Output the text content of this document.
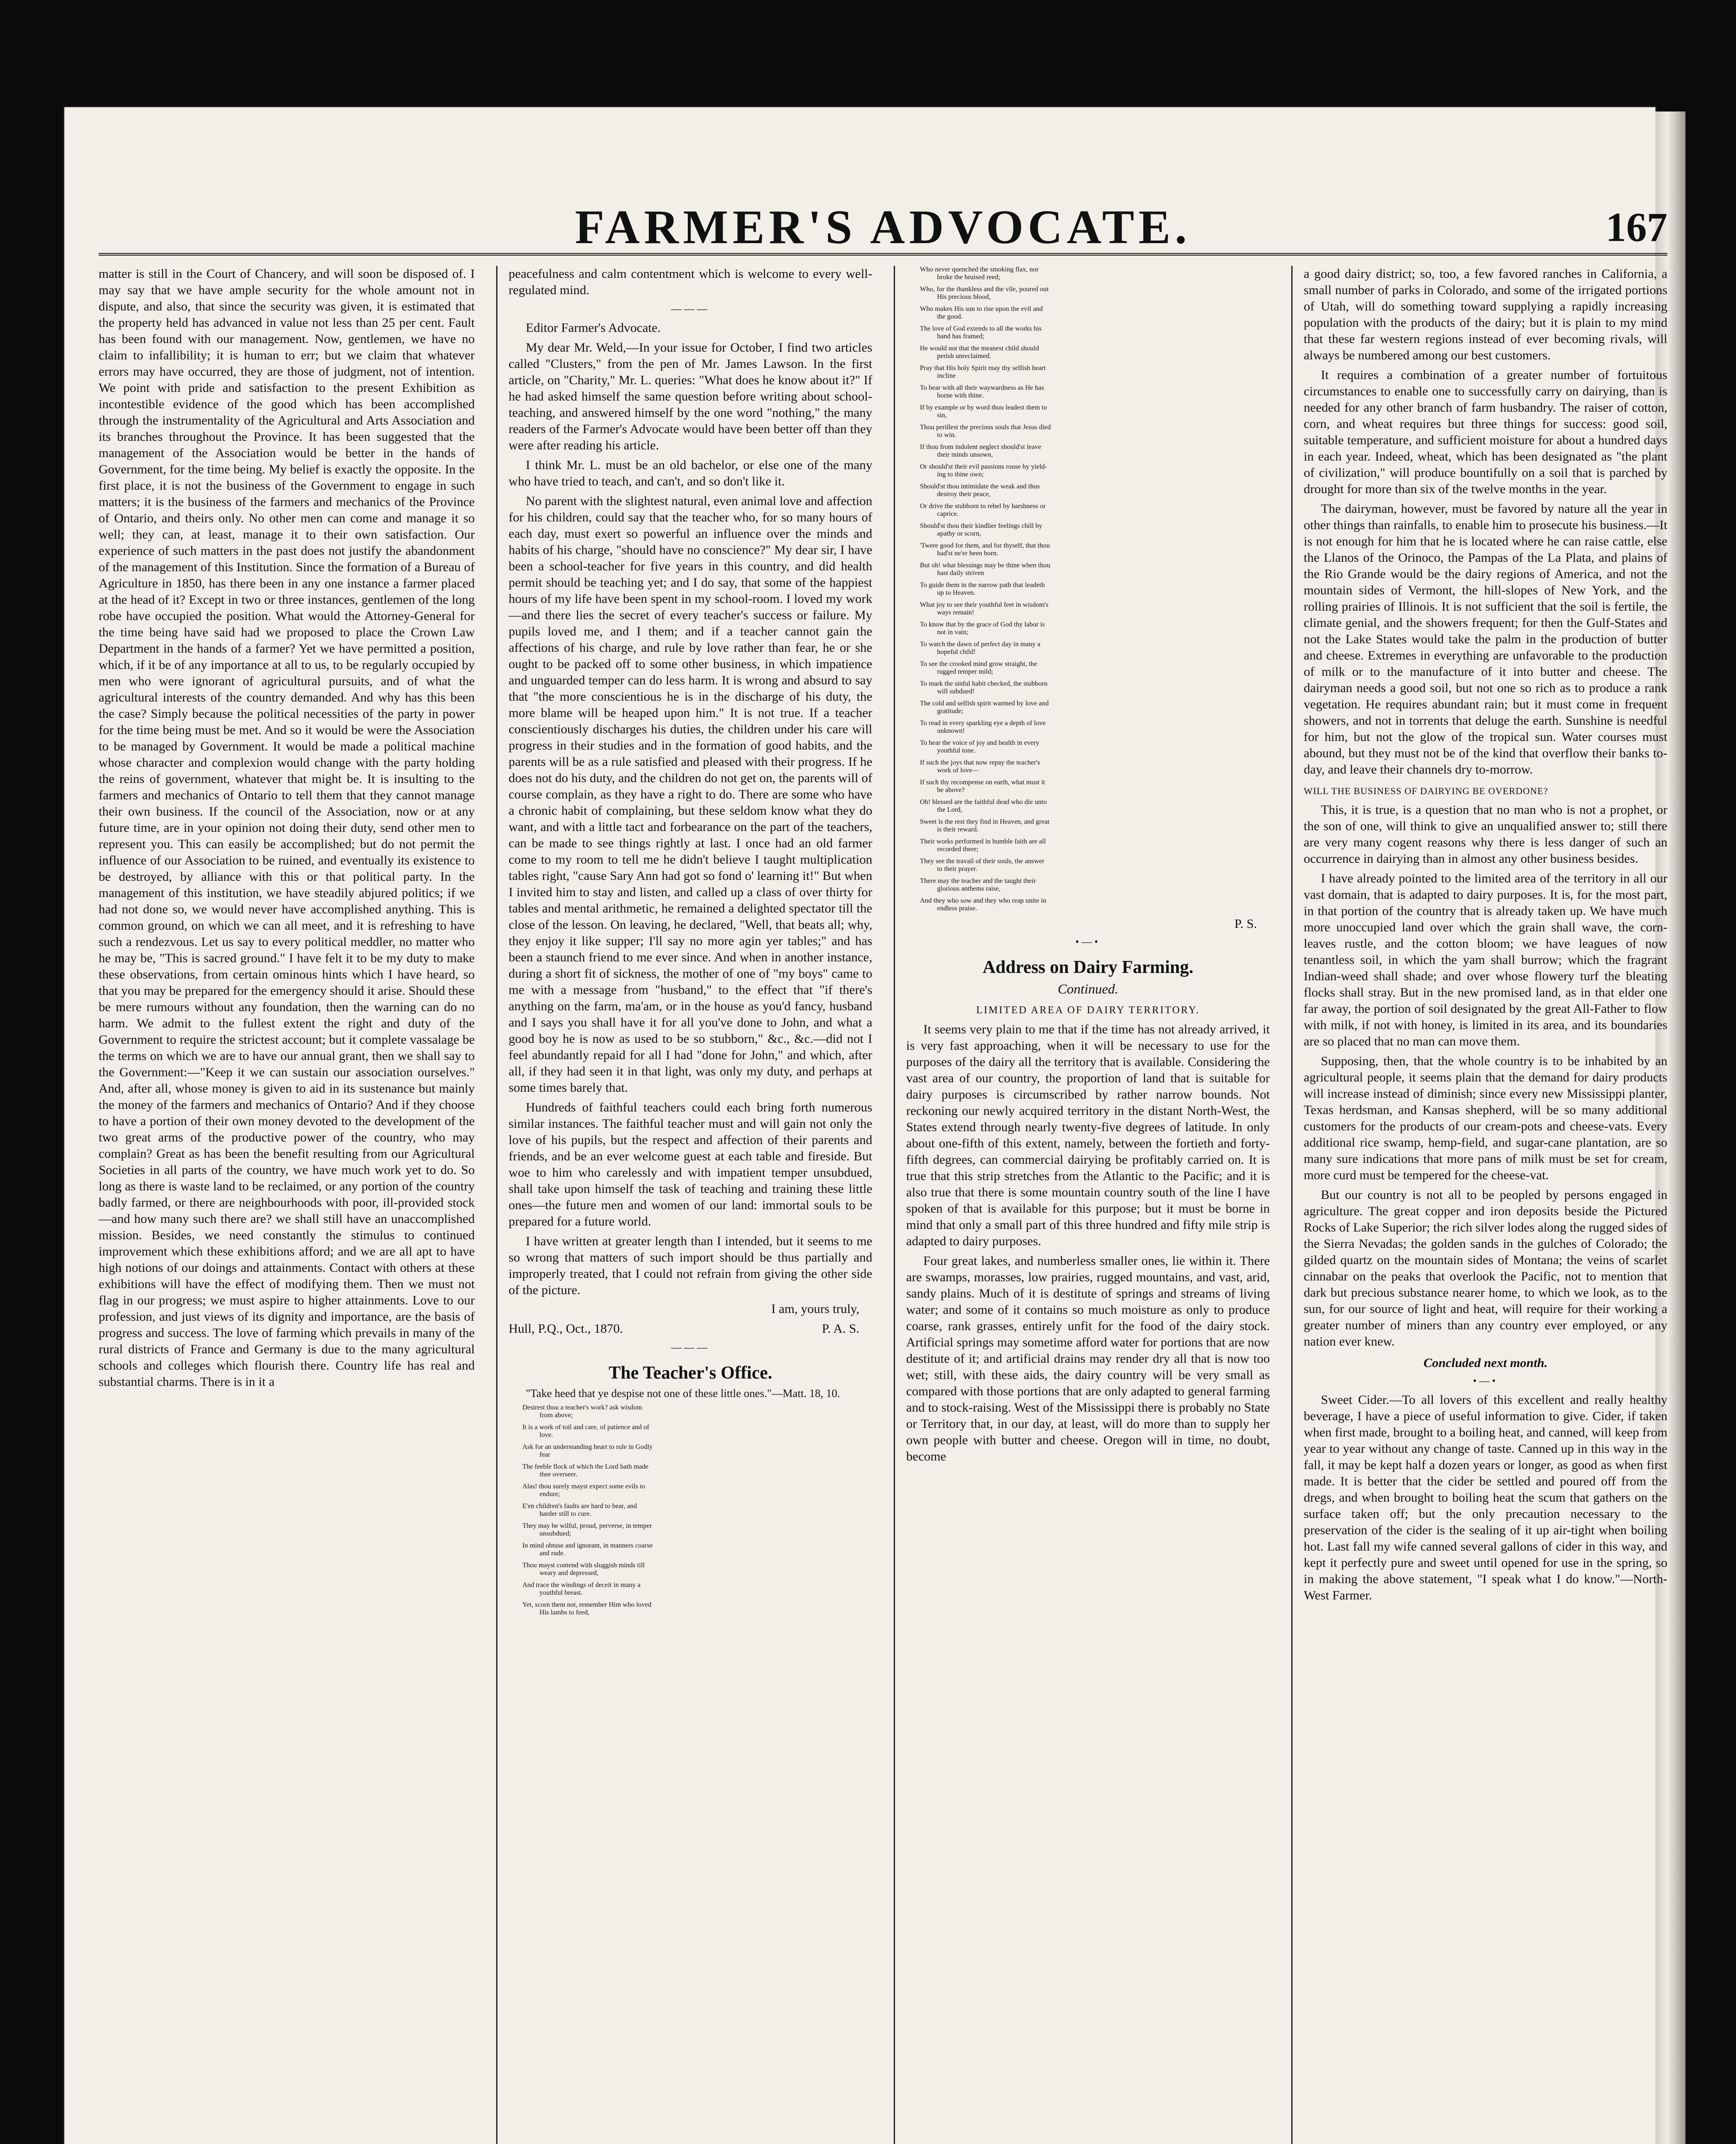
FARMER'S ADVOCATE.	167

matter is still in the Court of Chancery, and will soon be disposed of. I may say that we have ample security for the whole amount not in dispute, and also, that since the security was given, it is estimated that the property held has advanced in value not less than 25 per cent. Fault has been found with our management. Now, gentlemen, we have no claim to infallibility; it is human to err; but we claim that whatever errors may have occurred, they are those of judgment, not of intention. We point with pride and satisfaction to the present Exhibition as incontestible evidence of the good which has been accomplished through the instrumentality of the Agricultural and Arts Association and its branches throughout the Province. It has been suggested that the management of the Association would be better in the hands of Government, for the time being. My belief is exactly the opposite. In the first place, it is not the business of the Government to engage in such matters; it is the business of the farmers and mechanics of the Province of Ontario, and theirs only. No other men can come and manage it so well; they can, at least, manage it to their own satisfaction. Our experience of such matters in the past does not justify the abandonment of the management of this Institution. Since the formation of a Bureau of Agriculture in 1850, has there been in any one instance a farmer placed at the head of it? Except in two or three instances, gentlemen of the long robe have occupied the position. What would the Attorney-General for the time being have said had we proposed to place the Crown Law Department in the hands of a farmer? Yet we have permitted a position, which, if it be of any importance at all to us, to be regularly occupied by men who were ignorant of agricultural pursuits, and of what the agricultural interests of the country demanded. And why has this been the case? Simply because the political necessities of the party in power for the time being must be met. And so it would be were the Association to be managed by Government. It would be made a political machine whose character and complexion would change with the party holding the reins of government, whatever that might be. It is insulting to the farmers and mechanics of Ontario to tell them that they cannot manage their own business. If the council of the Association, now or at any future time, are in your opinion not doing their duty, send other men to represent you. This can easily be accomplished; but do not permit the influence of our Association to be ruined, and eventually its existence to be destroyed, by alliance with this or that political party. In the management of this institution, we have steadily abjured politics; if we had not done so, we would never have accomplished anything. This is common ground, on which we can all meet, and it is refreshing to have such a rendezvous. Let us say to every political meddler, no matter who he may be, "This is sacred ground." I have felt it to be my duty to make these observations, from certain ominous hints which I have heard, so that you may be prepared for the emergency should it arise. Should these be mere rumours without any foundation, then the warning can do no harm. We admit to the fullest extent the right and duty of the Government to require the strictest account; but it complete vassalage be the terms on which we are to have our annual grant, then we shall say to the Government:—"Keep it we can sustain our association ourselves." And, after all, whose money is given to aid in its sustenance but mainly the money of the farmers and mechanics of Ontario? And if they choose to have a portion of their own money devoted to the development of the two great arms of the productive power of the country, who may complain? Great as has been the benefit resulting from our Agricultural Societies in all parts of the country, we have much work yet to do. So long as there is waste land to be reclaimed, or any portion of the country badly farmed, or there are neighbourhoods with poor, ill-provided stock—and how many such there are? we shall still have an unaccomplished mission. Besides, we need constantly the stimulus to continued improvement which these exhibitions afford; and we are all apt to have high notions of our doings and attainments. Contact with others at these exhibitions will have the effect of modifying them. Then we must not flag in our progress; we must aspire to higher attainments. Love to our profession, and just views of its dignity and importance, are the basis of progress and success. The love of farming which prevails in many of the rural districts of France and Germany is due to the many agricultural schools and colleges which flourish there. Country life has real and substantial charms. There is in it a

peacefulness and calm contentment which is welcome to every well-regulated mind.

———

Editor Farmer's Advocate.

My dear Mr. Weld,—In your issue for October, I find two articles called "Clusters," from the pen of Mr. James Lawson. In the first article, on "Charity," Mr. L. queries: "What does he know about it?" If he had asked himself the same question before writing about school-teaching, and answered himself by the one word "nothing," the many readers of the Farmer's Advocate would have been better off than they were after reading his article.

I think Mr. L. must be an old bachelor, or else one of the many who have tried to teach, and can't, and so don't like it.

No parent with the slightest natural, even animal love and affection for his children, could say that the teacher who, for so many hours of each day, must exert so powerful an influence over the minds and habits of his charge, "should have no conscience?" My dear sir, I have been a school-teacher for five years in this country, and did health permit should be teaching yet; and I do say, that some of the happiest hours of my life have been spent in my school-room. I loved my work—and there lies the secret of every teacher's success or failure. My pupils loved me, and I them; and if a teacher cannot gain the affections of his charge, and rule by love rather than fear, he or she ought to be packed off to some other business, in which impatience and unguarded temper can do less harm. It is wrong and absurd to say that "the more conscientious he is in the discharge of his duty, the more blame will be heaped upon him." It is not true. If a teacher conscientiously discharges his duties, the children under his care will progress in their studies and in the formation of good habits, and the parents will be as a rule satisfied and pleased with their progress. If he does not do his duty, and the children do not get on, the parents will of course complain, as they have a right to do. There are some who have a chronic habit of complaining, but these seldom know what they do want, and with a little tact and forbearance on the part of the teachers, can be made to see things rightly at last. I once had an old farmer come to my room to tell me he didn't believe I taught multiplication tables right, "cause Sary Ann had got so fond o' learning it!" But when I invited him to stay and listen, and called up a class of over thirty for tables and mental arithmetic, he remained a delighted spectator till the close of the lesson. On leaving, he declared, "Well, that beats all; why, they enjoy it like supper; I'll say no more agin yer tables;" and has been a staunch friend to me ever since. And when in another instance, during a short fit of sickness, the mother of one of "my boys" came to me with a message from "husband," to the effect that "if there's anything on the farm, ma'am, or in the house as you'd fancy, husband and I says you shall have it for all you've done to John, and what a good boy he is now as used to be so stubborn," &c., &c.—did not I feel abundantly repaid for all I had "done for John," and which, after all, if they had seen it in that light, was only my duty, and perhaps at some times barely that.

Hundreds of faithful teachers could each bring forth numerous similar instances. The faithful teacher must and will gain not only the love of his pupils, but the respect and affection of their parents and friends, and be an ever welcome guest at each table and fireside. But woe to him who carelessly and with impatient temper unsubdued, shall take upon himself the task of teaching and training these little ones—the future men and women of our land: immortal souls to be prepared for a future world.

I have written at greater length than I intended, but it seems to me so wrong that matters of such import should be thus partially and improperly treated, that I could not refrain from giving the other side of the picture.

I am, yours truly,
Hull, P.Q., Oct., 1870.	P. A. S.
———
The Teacher's Office.

"Take heed that ye despise not one of these little ones."—Matt. 18, 10.

Desirest thou a teacher's work? ask wisdom
from above;
It is a work of toil and care, of patience and of
love.
Ask for an understanding heart to rule in Godly
fear
The feeble flock of which the Lord hath made
thee overseer.
Alas! thou surely mayst expect some evils to
endure;
E'en children's faults are hard to bear, and
harder still to cure.
They may be wilful, proud, perverse, in temper
unsubdued;
In mind obtuse and ignorant, in manners coarse
and rude.
Thou mayst contend with sluggish minds till
weary and depressed,
And trace the windings of deceit in many a
youthful breast.
Yet, scorn them not, remember Him who loved
His lambs to feed,
Who never quenched the smoking flax, nor
broke the bruised reed;
Who, for the thankless and the vile, poured out
His precious blood,
Who makes His sun to rise upon the evil and
the good.
The love of God extends to all the works his
hand has framed;
He would not that the meanest child should
perish unreclaimed.
Pray that His holy Spirit may thy selfish heart
incline
To bear with all their waywardness as He has
borne with thine.
If by example or by word thou leadest them to
sin,
Thou perillest the precious souls that Jesus died
to win.
If thou from indolent neglect should'st leave
their minds unsown,
Or should'st their evil passions rouse by yield-
ing to thine own;
Should'st thou intimidate the weak and thus
destroy their peace,
Or drive the stubborn to rebel by harshness or
caprice.
Should'st thou their kindlier feelings chill by
apathy or scorn,
'Twere good for them, and for thyself, that thou
had'st ne'er been born.
But oh! what blessings may be thine when thou
hast daily striven
To guide them in the narrow path that leadeth
up to Heaven.
What joy to see their youthful feet in wisdom's
ways remain!
To know that by the grace of God thy labor is
not in vain;
To watch the dawn of perfect day in many a
hopeful child!
To see the crooked mind grow straight, the
rugged temper mild;
To mark the sinful habit checked, the stubborn
will subdued!
The cold and selfish spirit warmed by love and
gratitude;
To read in every sparkling eye a depth of love
unknown!
To hear the voice of joy and health in every
youthful tone.
If such the joys that now repay the teacher's
work of love—
If such thy recompense on earth, what must it
be above?
Oh! blessed are the faithful dead who die unto
the Lord,
Sweet is the rest they find in Heaven, and great
is their reward.
Their works performed in humble faith are all
recorded there;
They see the travail of their souls, the answer
to their prayer.
There may the teacher and the taught their
glorious anthems raise,
And they who sow and they who reap unite in
endless praise.
P. S.
•—•
Address on Dairy Farming.
Continued.
LIMITED AREA OF DAIRY TERRITORY.

It seems very plain to me that if the time has not already arrived, it is very fast approaching, when it will be necessary to use for the purposes of the dairy all the territory that is available. Considering the vast area of our country, the proportion of land that is suitable for dairy purposes is circumscribed by rather narrow bounds. Not reckoning our newly acquired territory in the distant North-West, the States extend through nearly twenty-five degrees of latitude. In only about one-fifth of this extent, namely, between the fortieth and forty-fifth degrees, can commercial dairying be profitably carried on. It is true that this strip stretches from the Atlantic to the Pacific; and it is also true that there is some mountain country south of the line I have spoken of that is available for this purpose; but it must be borne in mind that only a small part of this three hundred and fifty mile strip is adapted to dairy purposes.

Four great lakes, and numberless smaller ones, lie within it. There are swamps, morasses, low prairies, rugged mountains, and vast, arid, sandy plains. Much of it is destitute of springs and streams of living water; and some of it contains so much moisture as only to produce coarse, rank grasses, entirely unfit for the food of the dairy stock. Artificial springs may sometime afford water for portions that are now destitute of it; and artificial drains may render dry all that is now too wet; still, with these aids, the dairy country will be very small as compared with those portions that are only adapted to general farming and to stock-raising. West of the Mississippi there is probably no State or Territory that, in our day, at least, will do more than to supply her own people with butter and cheese. Oregon will in time, no doubt, become

a good dairy district; so, too, a few favored ranches in California, a small number of parks in Colorado, and some of the irrigated portions of Utah, will do something toward supplying a rapidly increasing population with the products of the dairy; but it is plain to my mind that these far western regions instead of ever becoming rivals, will always be numbered among our best customers.

It requires a combination of a greater number of fortuitous circumstances to enable one to successfully carry on dairying, than is needed for any other branch of farm husbandry. The raiser of cotton, corn, and wheat requires but three things for success: good soil, suitable temperature, and sufficient moisture for about a hundred days in each year. Indeed, wheat, which has been designated as "the plant of civilization," will produce bountifully on a soil that is parched by drought for more than six of the twelve months in the year.

The dairyman, however, must be favored by nature all the year in other things than rainfalls, to enable him to prosecute his business.—It is not enough for him that he is located where he can raise cattle, else the Llanos of the Orinoco, the Pampas of the La Plata, and plains of the Rio Grande would be the dairy regions of America, and not the mountain sides of Vermont, the hill-slopes of New York, and the rolling prairies of Illinois. It is not sufficient that the soil is fertile, the climate genial, and the showers frequent; for then the Gulf-States and not the Lake States would take the palm in the production of butter and cheese. Extremes in everything are unfavorable to the production of milk or to the manufacture of it into butter and cheese. The dairyman needs a good soil, but not one so rich as to produce a rank vegetation. He requires abundant rain; but it must come in frequent showers, and not in torrents that deluge the earth. Sunshine is needful for him, but not the glow of the tropical sun. Water courses must abound, but they must not be of the kind that overflow their banks to-day, and leave their channels dry to-morrow.

WILL THE BUSINESS OF DAIRYING BE OVERDONE?

This, it is true, is a question that no man who is not a prophet, or the son of one, will think to give an unqualified answer to; still there are very many cogent reasons why there is less danger of such an occurrence in dairying than in almost any other business besides.

I have already pointed to the limited area of the territory in all our vast domain, that is adapted to dairy purposes. It is, for the most part, in that portion of the country that is already taken up. We have much more unoccupied land over which the grain shall wave, the corn-leaves rustle, and the cotton bloom; we have leagues of now tenantless soil, in which the yam shall burrow; which the fragrant Indian-weed shall shade; and over whose flowery turf the bleating flocks shall stray. But in the new promised land, as in that elder one far away, the portion of soil designated by the great All-Father to flow with milk, if not with honey, is limited in its area, and its boundaries are so placed that no man can move them.

Supposing, then, that the whole country is to be inhabited by an agricultural people, it seems plain that the demand for dairy products will increase instead of diminish; since every new Mississippi planter, Texas herdsman, and Kansas shepherd, will be so many additional customers for the products of our cream-pots and cheese-vats. Every additional rice swamp, hemp-field, and sugar-cane plantation, are so many sure indications that more pans of milk must be set for cream, more curd must be tempered for the cheese-vat.

But our country is not all to be peopled by persons engaged in agriculture. The great copper and iron deposits beside the Pictured Rocks of Lake Superior; the rich silver lodes along the rugged sides of the Sierra Nevadas; the golden sands in the gulches of Colorado; the gilded quartz on the mountain sides of Montana; the veins of scarlet cinnabar on the peaks that overlook the Pacific, not to mention that dark but precious substance nearer home, to which we look, as to the sun, for our source of light and heat, will require for their working a greater number of miners than any country ever employed, or any nation ever knew.

Concluded next month.
•—•

Sweet Cider.—To all lovers of this excellent and really healthy beverage, I have a piece of useful information to give. Cider, if taken when first made, brought to a boiling heat, and canned, will keep from year to year without any change of taste. Canned up in this way in the fall, it may be kept half a dozen years or longer, as good as when first made. It is better that the cider be settled and poured off from the dregs, and when brought to boiling heat the scum that gathers on the surface taken off; but the only precaution necessary to the preservation of the cider is the sealing of it up air-tight when boiling hot. Last fall my wife canned several gallons of cider in this way, and kept it perfectly pure and sweet until opened for use in the spring, so in making the above statement, "I speak what I do know."—North-West Farmer.
